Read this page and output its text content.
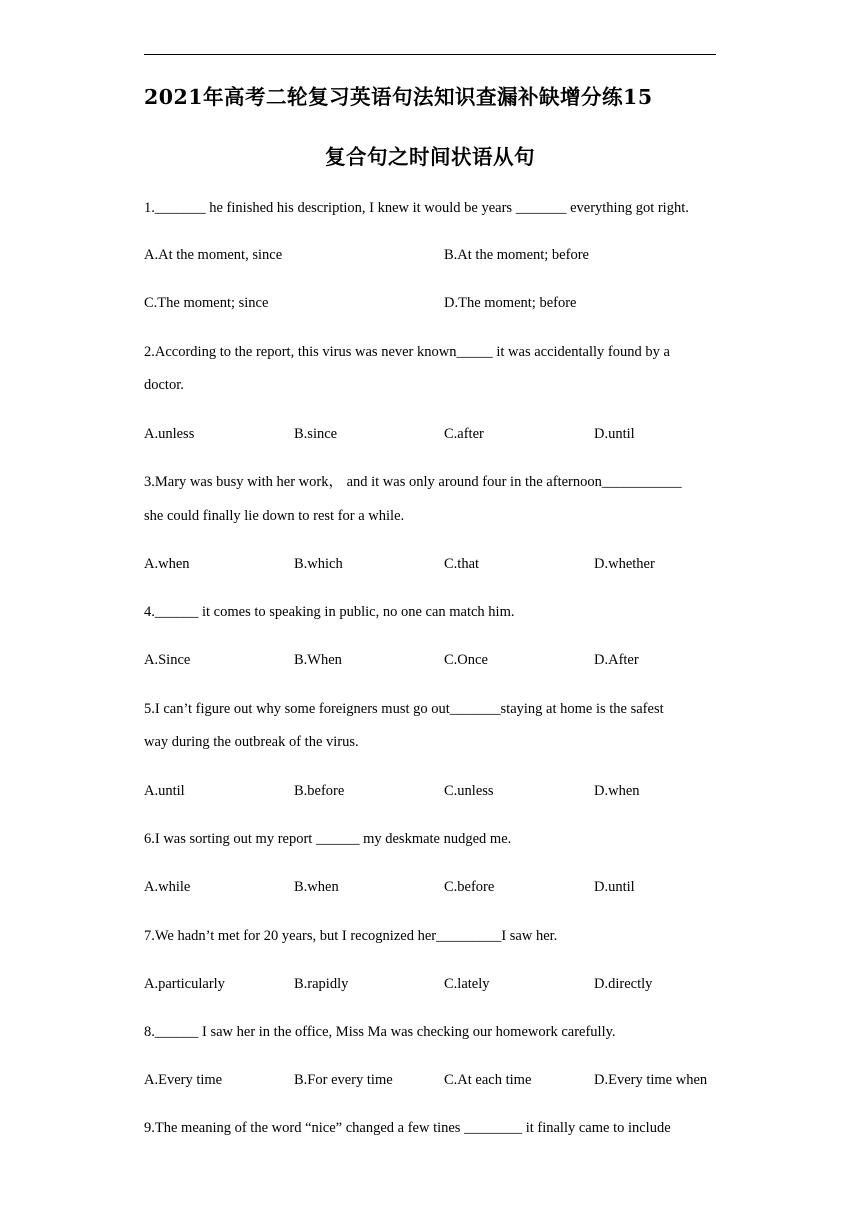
2021年高考二轮复习英语句法知识查漏补缺增分练15
复合句之时间状语从句
1._______ he finished his description, I knew it would be years _______ everything got right.
A.At the moment, since	B.At the moment; before
C.The moment; since	D.The moment; before
2.According to the report, this virus was never known_____ it was accidentally found by a
doctor.
A.unless	B.since	C.after	D.until
3.Mary was busy with her work， and it was only around four in the afternoon___________
she could finally lie down to rest for a while.
A.when	B.which	C.that	D.whether
4.______ it comes to speaking in public, no one can match him.
A.Since	B.When	C.Once	D.After
5.I can’t figure out why some foreigners must go out_______staying at home is the safest
way during the outbreak of the virus.
A.until	B.before	C.unless	D.when
6.I was sorting out my report ______ my deskmate nudged me.
A.while	B.when	C.before	D.until
7.We hadn’t met for 20 years, but I recognized her_________I saw her.
A.particularly	B.rapidly	C.lately	D.directly
8.______ I saw her in the office, Miss Ma was checking our homework carefully.
A.Every time	B.For every time	C.At each time	D.Every time when
9.The meaning of the word “nice” changed a few tines ________ it finally came to include
